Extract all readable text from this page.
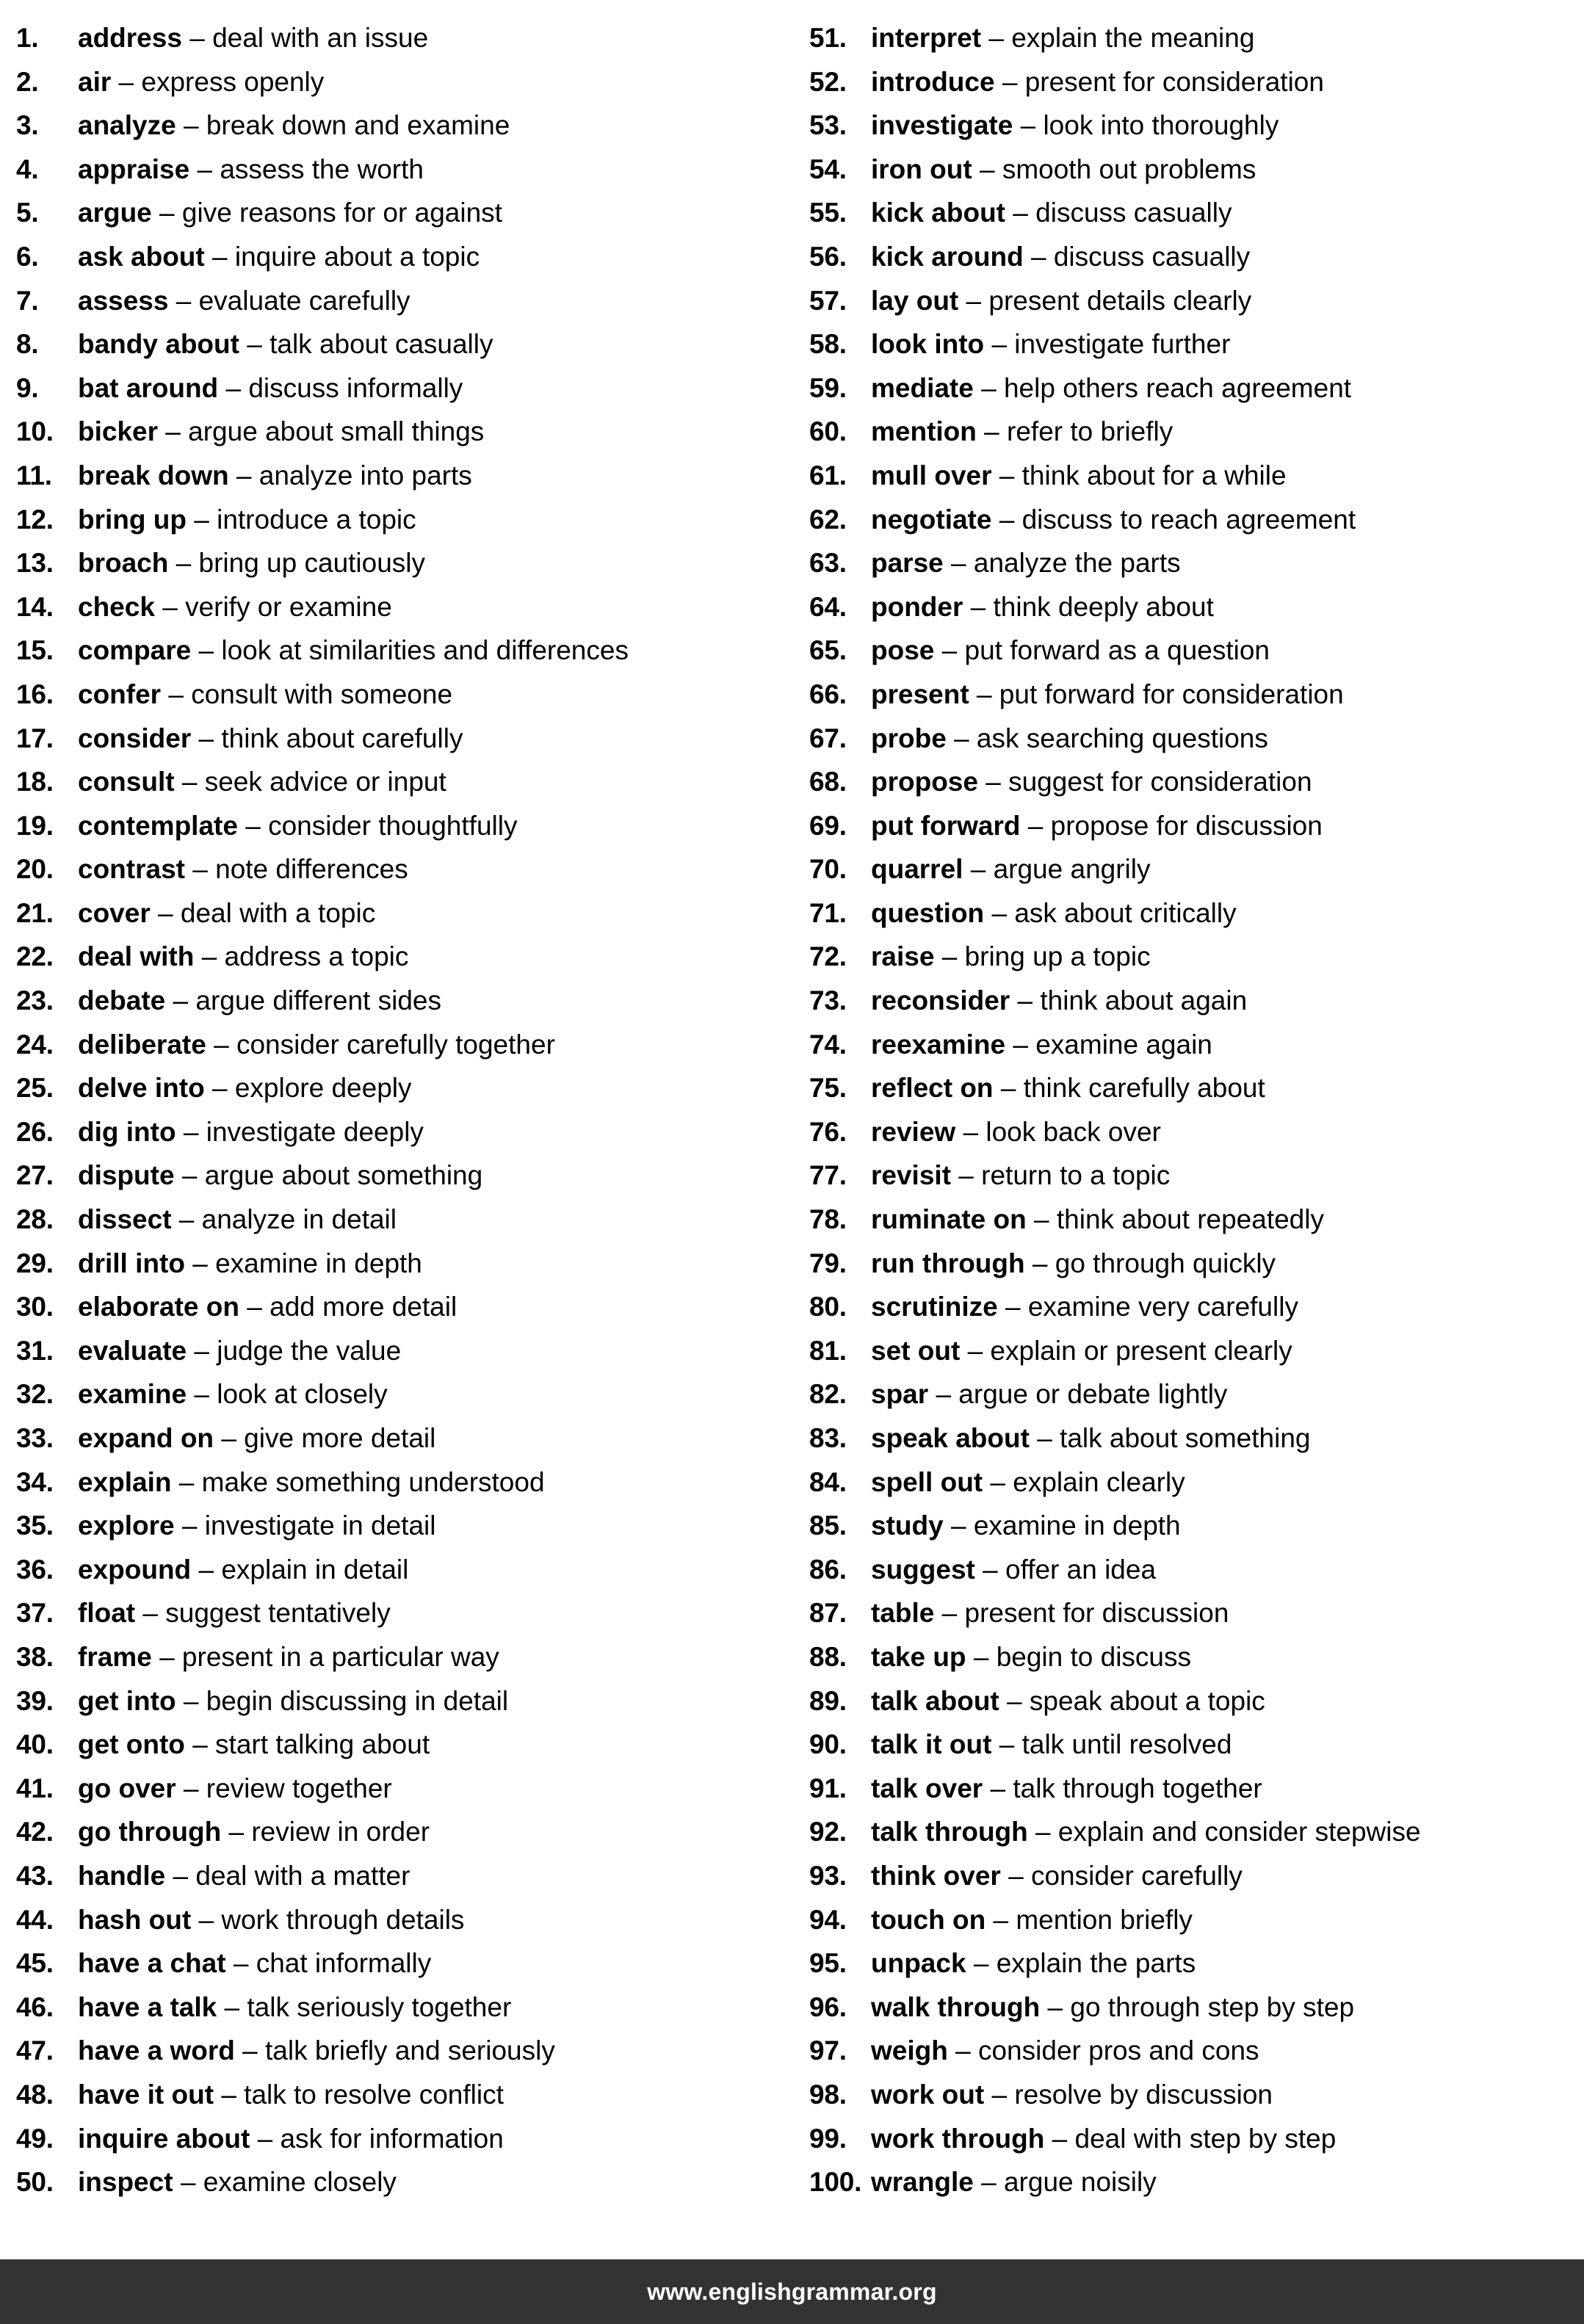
1.	address – deal with an issue
2.	air – express openly
3.	analyze – break down and examine
4.	appraise – assess the worth
5.	argue – give reasons for or against
6.	ask about – inquire about a topic
7.	assess – evaluate carefully
8.	bandy about – talk about casually
9.	bat around – discuss informally
10. bicker – argue about small things
11. break down – analyze into parts
12. bring up – introduce a topic
13. broach – bring up cautiously
14. check – verify or examine
15. compare – look at similarities and differences
16. confer – consult with someone
17. consider – think about carefully
18. consult – seek advice or input
19. contemplate – consider thoughtfully
20. contrast – note differences
21. cover – deal with a topic
22. deal with – address a topic
23. debate – argue different sides
24. deliberate – consider carefully together
25. delve into – explore deeply
26. dig into – investigate deeply
27. dispute – argue about something
28. dissect – analyze in detail
29. drill into – examine in depth
30. elaborate on – add more detail
31. evaluate – judge the value
32. examine – look at closely
33. expand on – give more detail
34. explain – make something understood
35. explore – investigate in detail
36. expound – explain in detail
37. float – suggest tentatively
38. frame – present in a particular way
39. get into – begin discussing in detail
40. get onto – start talking about
41. go over – review together
42. go through – review in order
43. handle – deal with a matter
44. hash out – work through details
45. have a chat – chat informally
46. have a talk – talk seriously together
47. have a word – talk briefly and seriously
48. have it out – talk to resolve conflict
49. inquire about – ask for information
50. inspect – examine closely
51. interpret – explain the meaning
52. introduce – present for consideration
53. investigate – look into thoroughly
54. iron out – smooth out problems
55. kick about – discuss casually
56. kick around – discuss casually
57. lay out – present details clearly
58. look into – investigate further
59. mediate – help others reach agreement
60. mention – refer to briefly
61. mull over – think about for a while
62. negotiate – discuss to reach agreement
63. parse – analyze the parts
64. ponder – think deeply about
65. pose – put forward as a question
66. present – put forward for consideration
67. probe – ask searching questions
68. propose – suggest for consideration
69. put forward – propose for discussion
70. quarrel – argue angrily
71. question – ask about critically
72. raise – bring up a topic
73. reconsider – think about again
74. reexamine – examine again
75. reflect on – think carefully about
76. review – look back over
77. revisit – return to a topic
78. ruminate on – think about repeatedly
79. run through – go through quickly
80. scrutinize – examine very carefully
81. set out – explain or present clearly
82. spar – argue or debate lightly
83. speak about – talk about something
84. spell out – explain clearly
85. study – examine in depth
86. suggest – offer an idea
87. table – present for discussion
88. take up – begin to discuss
89. talk about – speak about a topic
90. talk it out – talk until resolved
91. talk over – talk through together
92. talk through – explain and consider stepwise
93. think over – consider carefully
94. touch on – mention briefly
95. unpack – explain the parts
96. walk through – go through step by step
97. weigh – consider pros and cons
98. work out – resolve by discussion
99. work through – deal with step by step
100. wrangle – argue noisily
www.englishgrammar.org
